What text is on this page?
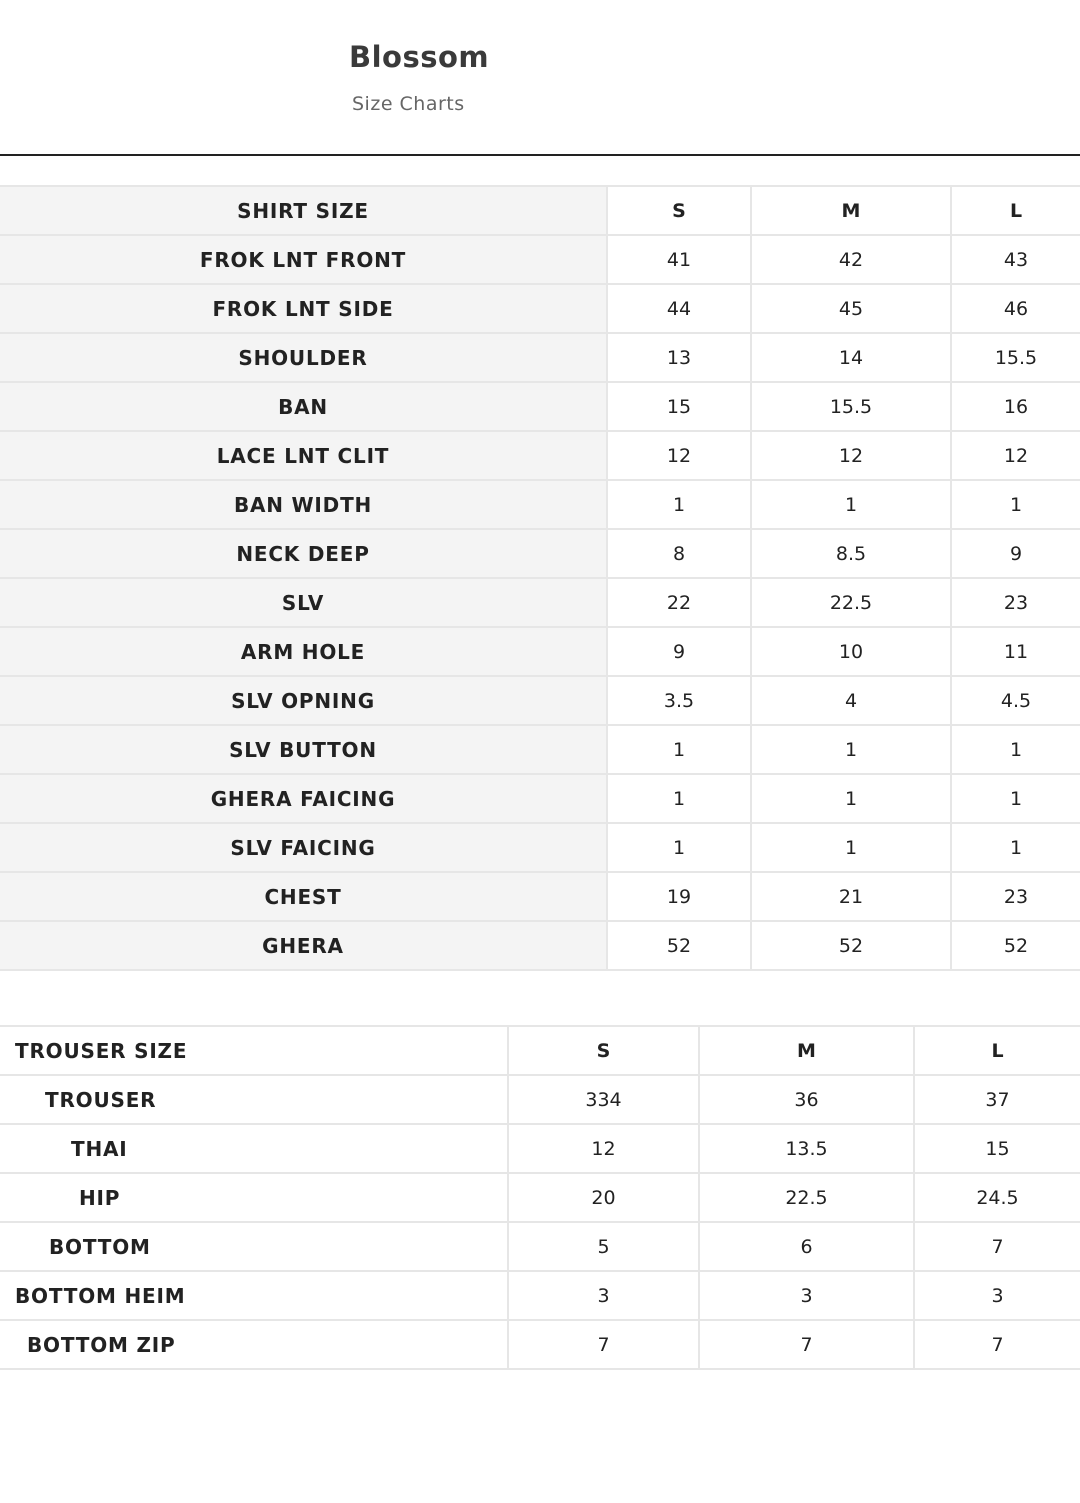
Blossom
Size Charts
SHIRT SIZE	S	M	L
FROK LNT FRONT	41	42	43
FROK LNT SIDE	44	45	46
SHOULDER	13	14	15.5
BAN	15	15.5	16
LACE LNT CLIT	12	12	12
BAN WIDTH	1	1	1
NECK DEEP	8	8.5	9
SLV	22	22.5	23
ARM HOLE	9	10	11
SLV OPNING	3.5	4	4.5
SLV BUTTON	1	1	1
GHERA FAICING	1	1	1
SLV FAICING	1	1	1
CHEST	19	21	23
GHERA	52	52	52
TROUSER SIZE	S	M	L
TROUSER	334	36	37
THAI	12	13.5	15
HIP	20	22.5	24.5
BOTTOM	5	6	7
BOTTOM HEIM	3	3	3
BOTTOM ZIP	7	7	7
